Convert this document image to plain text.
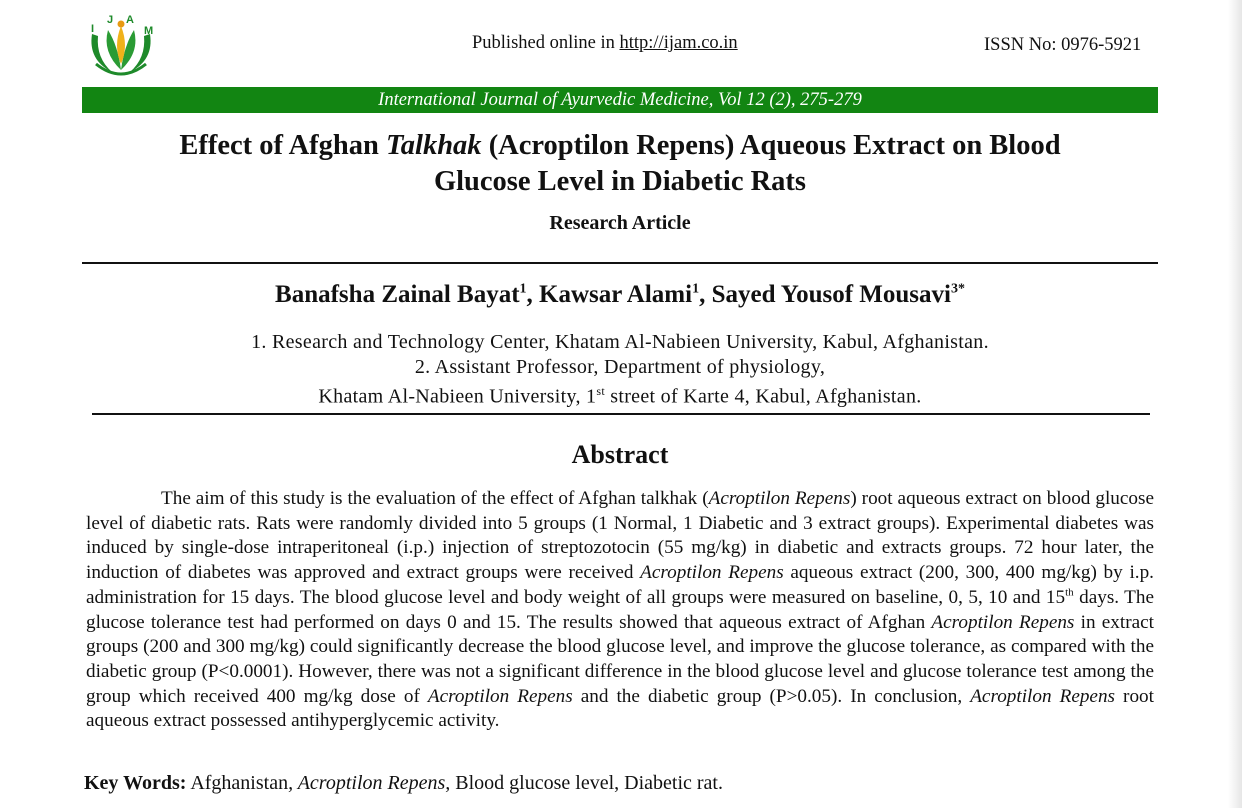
I
J A
M
Published online in http://ijam.co.in	ISSN No: 0976-5921
International Journal of Ayurvedic Medicine, Vol 12 (2), 275-279
Effect of Afghan Talkhak (Acroptilon Repens) Aqueous Extract on Blood
Glucose Level in Diabetic Rats
Research Article
Banafsha Zainal Bayat$^1$, Kawsar Alami$^1$, Sayed Yousof Mousavi$^{3*}$
1. Research and Technology Center, Khatam Al-Nabieen University, Kabul, Afghanistan.
2. Assistant Professor, Department of physiology,
Khatam Al-Nabieen University, 1st street of Karte 4, Kabul, Afghanistan.
Abstract

The aim of this study is the evaluation of the effect of Afghan talkhak (Acroptilon Repens) root aqueous extract on blood glucose level of diabetic rats. Rats were randomly divided into 5 groups (1 Normal, 1 Diabetic and 3 extract groups). Experimental diabetes was induced by single-dose intraperitoneal (i.p.) injection of streptozotocin (55 mg/kg) in diabetic and extracts groups. 72 hour later, the induction of diabetes was approved and extract groups were received Acroptilon Repens aqueous extract (200, 300, 400 mg/kg) by i.p. administration for 15 days. The blood glucose level and body weight of all groups were measured on baseline, 0, 5, 10 and 15th days. The glucose tolerance test had performed on days 0 and 15. The results showed that aqueous extract of Afghan Acroptilon Repens in extract groups (200 and 300 mg/kg) could significantly decrease the blood glucose level, and improve the glucose tolerance, as compared with the diabetic group (P<0.0001). However, there was not a significant difference in the blood glucose level and glucose tolerance test among the group which received 400 mg/kg dose of Acroptilon Repens and the diabetic group (P>0.05). In conclusion, Acroptilon Repens root aqueous extract possessed antihyperglycemic activity.

Key Words: Afghanistan, Acroptilon Repens, Blood glucose level, Diabetic rat.
